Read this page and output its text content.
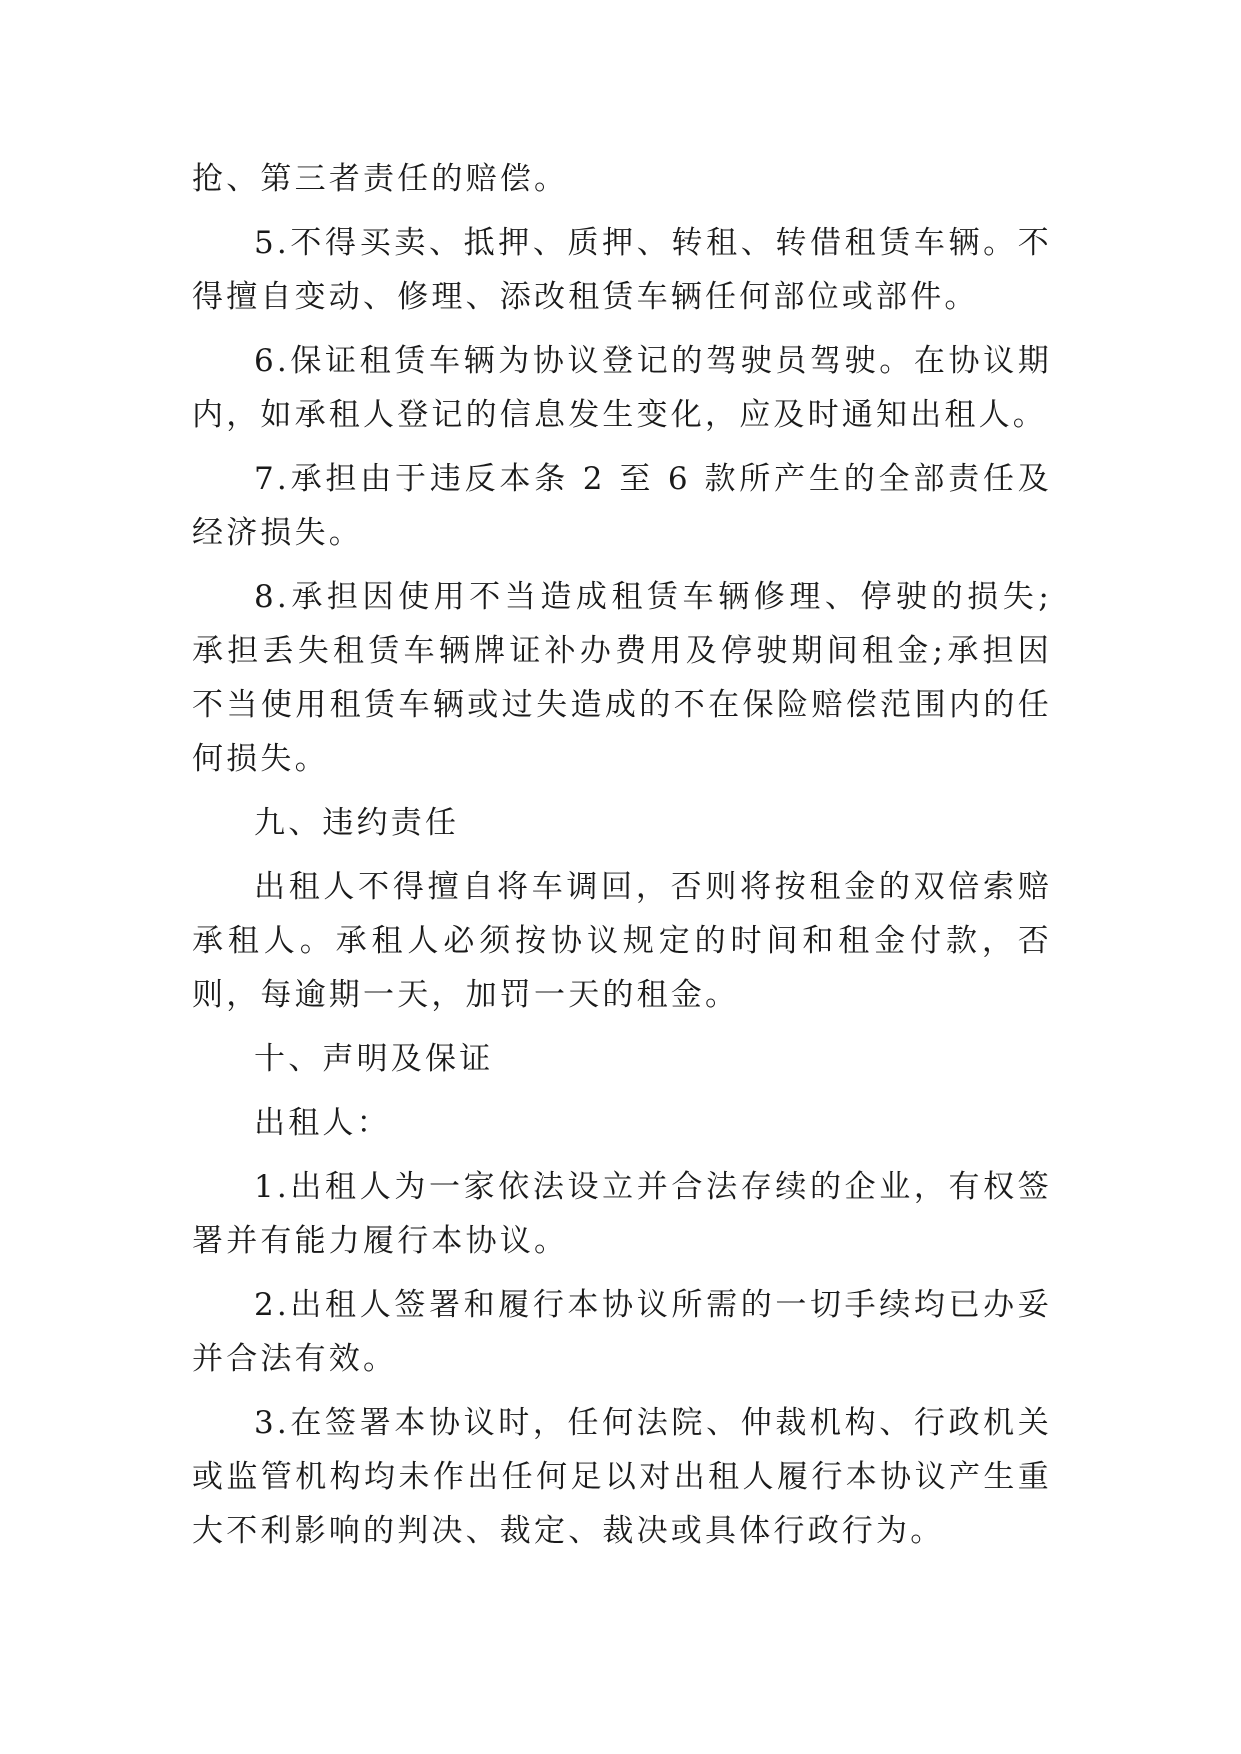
抢、第三者责任的赔偿。

5.不得买卖、抵押、质押、转租、转借租赁车辆。不得擅自变动、修理、添改租赁车辆任何部位或部件。

6.保证租赁车辆为协议登记的驾驶员驾驶。在协议期内，如承租人登记的信息发生变化，应及时通知出租人。

7.承担由于违反本条 2 至 6 款所产生的全部责任及经济损失。

8.承担因使用不当造成租赁车辆修理、停驶的损失;承担丢失租赁车辆牌证补办费用及停驶期间租金;承担因不当使用租赁车辆或过失造成的不在保险赔偿范围内的任何损失。

九、违约责任

出租人不得擅自将车调回，否则将按租金的双倍索赔承租人。承租人必须按协议规定的时间和租金付款，否则，每逾期一天，加罚一天的租金。

十、声明及保证

出租人：

1.出租人为一家依法设立并合法存续的企业，有权签署并有能力履行本协议。

2.出租人签署和履行本协议所需的一切手续均已办妥并合法有效。

3.在签署本协议时，任何法院、仲裁机构、行政机关或监管机构均未作出任何足以对出租人履行本协议产生重大不利影响的判决、裁定、裁决或具体行政行为。
